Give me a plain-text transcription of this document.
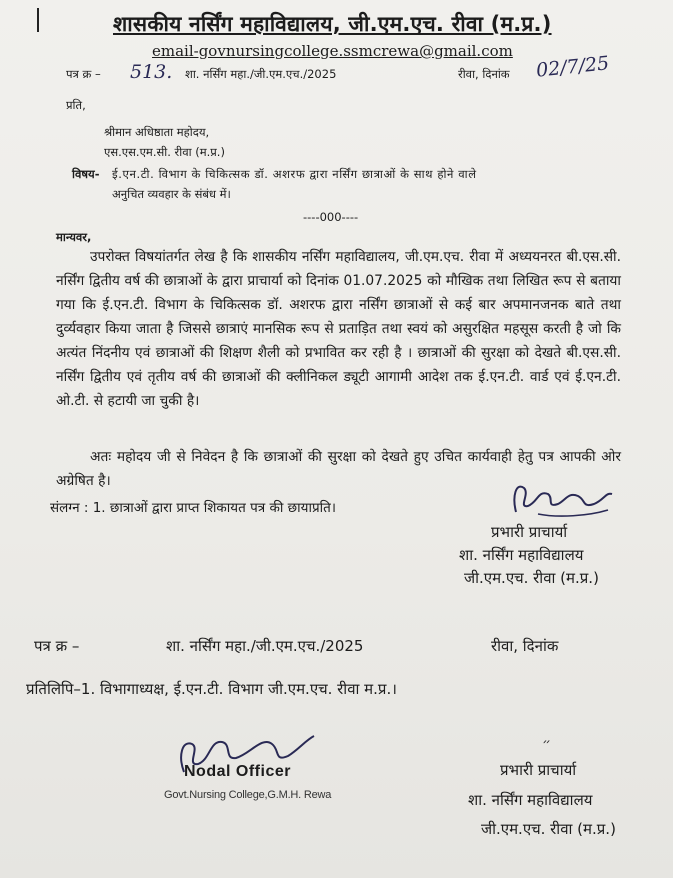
शासकीय नर्सिंग महाविद्यालय, जी.एम.एच. रीवा (म.प्र.)
email-govnursingcollege.ssmcrewa@gmail.com
पत्र क्र – 513. शा. नर्सिंग महा./जी.एम.एच./2025	रीवा, दिनांक 02/7/25
प्रति,
श्रीमान अधिष्ठाता महोदय,
एस.एस.एम.सी. रीवा (म.प्र.)
विषय- ई.एन.टी. विभाग के चिकित्सक डॉ. अशरफ द्वारा नर्सिंग छात्राओं के साथ होने वाले
अनुचित व्यवहार के संबंध में।
----000----
मान्यवर,
उपरोक्त विषयांतर्गत लेख है कि शासकीय नर्सिंग महाविद्यालय, जी.एम.एच. रीवा में अध्ययनरत बी.एस.सी. नर्सिंग द्वितीय वर्ष की छात्राओं के द्वारा प्राचार्या को दिनांक 01.07.2025 को मौखिक तथा लिखित रूप से बताया गया कि ई.एन.टी. विभाग के चिकित्सक डॉ. अशरफ द्वारा नर्सिंग छात्राओं से कई बार अपमानजनक बाते तथा दुर्व्यवहार किया जाता है जिससे छात्राएं मानसिक रूप से प्रताड़ित तथा स्वयं को असुरक्षित महसूस करती है जो कि अत्यंत निंदनीय एवं छात्राओं की शिक्षण शैली को प्रभावित कर रही है । छात्राओं की सुरक्षा को देखते बी.एस.सी. नर्सिंग द्वितीय एवं तृतीय वर्ष की छात्राओं की क्लीनिकल ड्यूटी आगामी आदेश तक ई.एन.टी. वार्ड एवं ई.एन.टी. ओ.टी. से हटायी जा चुकी है।
अतः महोदय जी से निवेदन है कि छात्राओं की सुरक्षा को देखते हुए उचित कार्यवाही हेतु पत्र आपकी ओर अग्रेषित है।
संलग्न : 1. छात्राओं द्वारा प्राप्त शिकायत पत्र की छायाप्रति।
प्रभारी प्राचार्या
शा. नर्सिंग महाविद्यालय
जी.एम.एच. रीवा (म.प्र.)
पत्र क्र –	शा. नर्सिंग महा./जी.एम.एच./2025	रीवा, दिनांक
प्रतिलिपि–1. विभागाध्यक्ष, ई.एन.टी. विभाग जी.एम.एच. रीवा म.प्र.।
Nodal Officer
Govt.Nursing College,G.M.H. Rewa
״
प्रभारी प्राचार्या
शा. नर्सिंग महाविद्यालय
जी.एम.एच. रीवा (म.प्र.)
